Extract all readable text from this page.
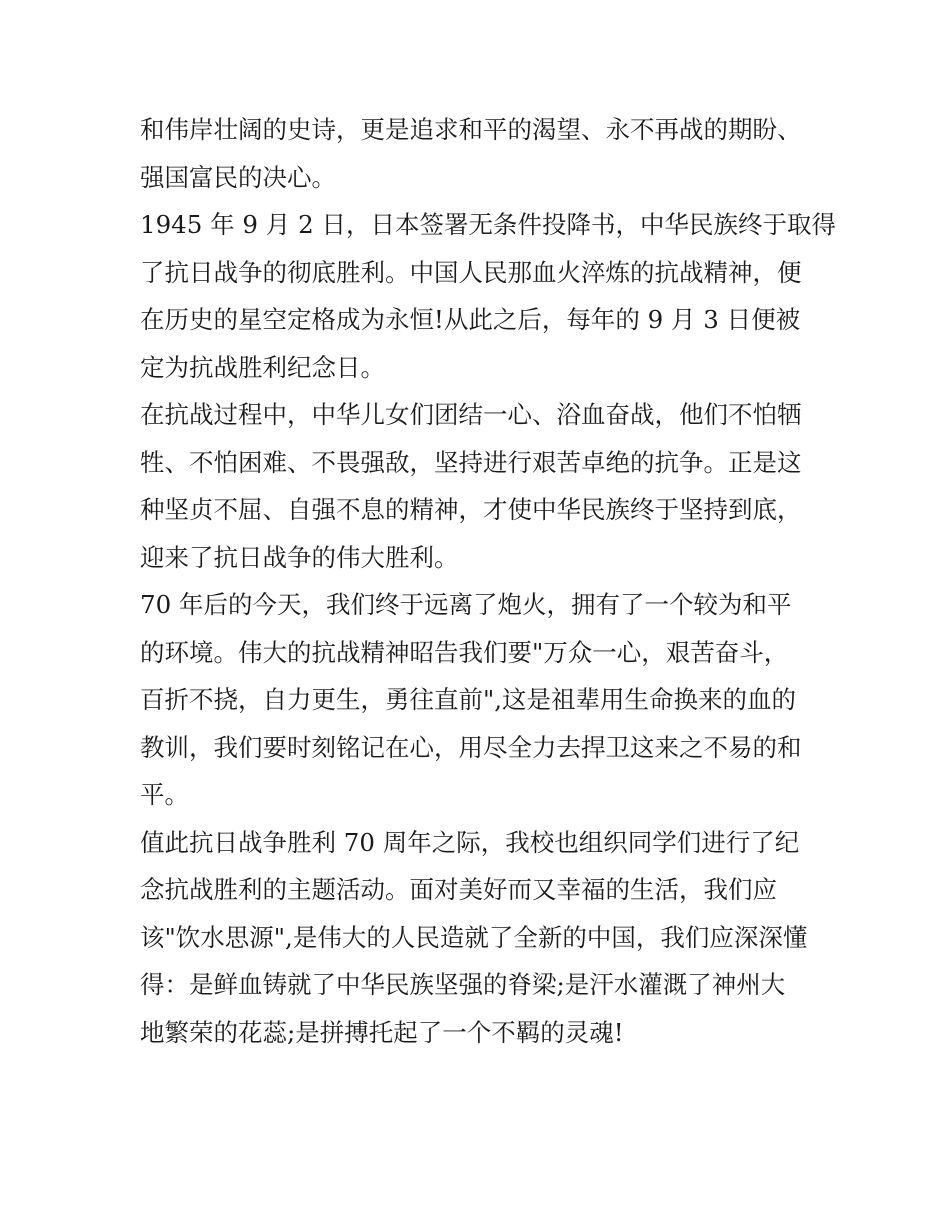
和伟岸壮阔的史诗，更是追求和平的渴望、永不再战的期盼、
强国富民的决心。
1945 年 9 月 2 日，日本签署无条件投降书，中华民族终于取得
了抗日战争的彻底胜利。中国人民那血火淬炼的抗战精神，便
在历史的星空定格成为永恒!从此之后，每年的 9 月 3 日便被
定为抗战胜利纪念日。
在抗战过程中，中华儿女们团结一心、浴血奋战，他们不怕牺
牲、不怕困难、不畏强敌，坚持进行艰苦卓绝的抗争。正是这
种坚贞不屈、自强不息的精神，才使中华民族终于坚持到底，
迎来了抗日战争的伟大胜利。
70 年后的今天，我们终于远离了炮火，拥有了一个较为和平
的环境。伟大的抗战精神昭告我们要"万众一心，艰苦奋斗，
百折不挠，自力更生，勇往直前",这是祖辈用生命换来的血的
教训，我们要时刻铭记在心，用尽全力去捍卫这来之不易的和
平。
值此抗日战争胜利 70 周年之际，我校也组织同学们进行了纪
念抗战胜利的主题活动。面对美好而又幸福的生活，我们应
该"饮水思源",是伟大的人民造就了全新的中国，我们应深深懂
得：是鲜血铸就了中华民族坚强的脊梁;是汗水灌溉了神州大
地繁荣的花蕊;是拼搏托起了一个不羁的灵魂!
